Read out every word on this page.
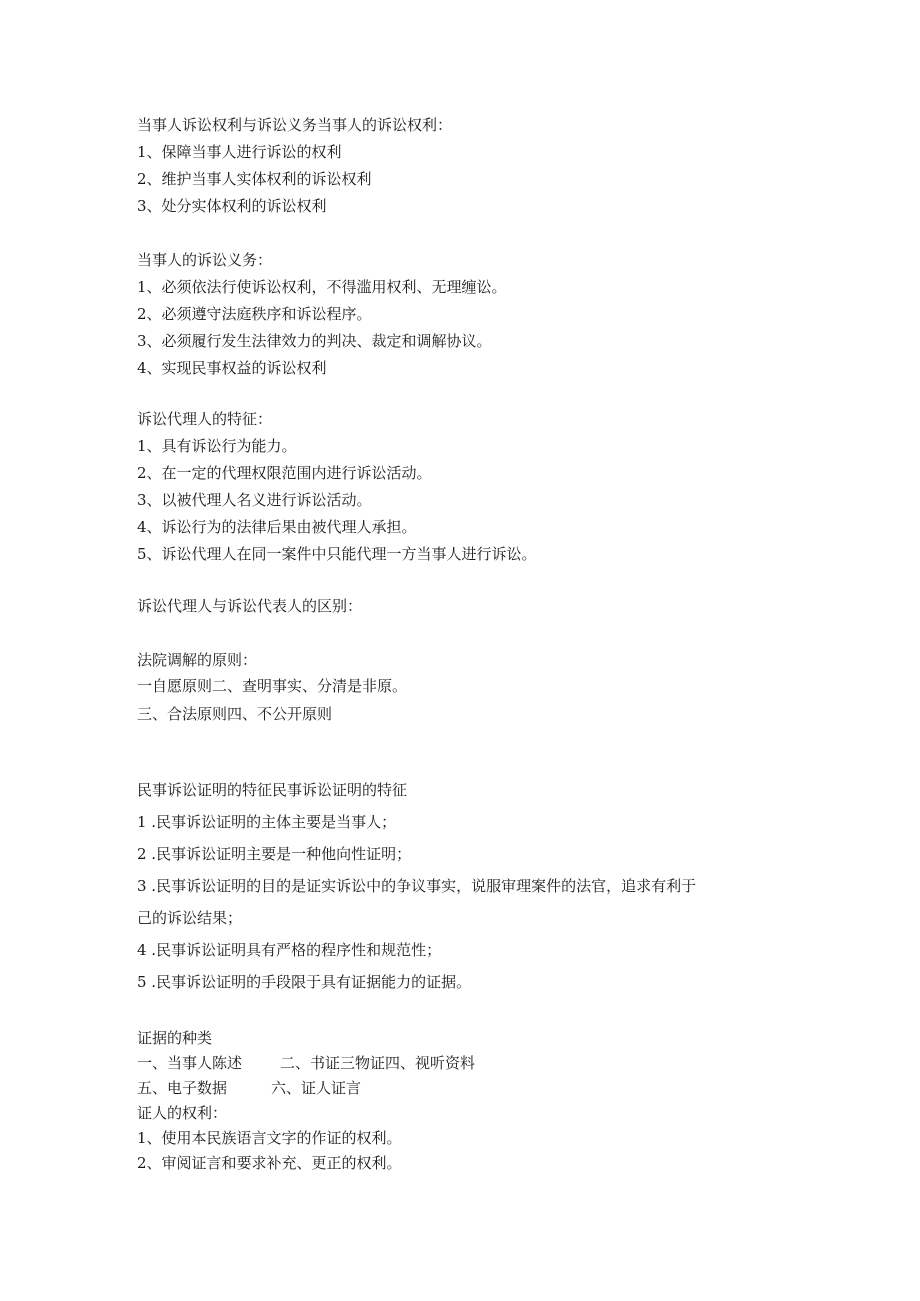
当事人诉讼权利与诉讼义务当事人的诉讼权利：
1、保障当事人进行诉讼的权利
2、维护当事人实体权利的诉讼权利
3、处分实体权利的诉讼权利
当事人的诉讼义务：
1、必须依法行使诉讼权利，不得滥用权利、无理缠讼。
2、必须遵守法庭秩序和诉讼程序。
3、必须履行发生法律效力的判决、裁定和调解协议。
4、实现民事权益的诉讼权利
诉讼代理人的特征：
1、具有诉讼行为能力。
2、在一定的代理权限范围内进行诉讼活动。
3、以被代理人名义进行诉讼活动。
4、诉讼行为的法律后果由被代理人承担。
5、诉讼代理人在同一案件中只能代理一方当事人进行诉讼。
诉讼代理人与诉讼代表人的区别：
法院调解的原则：
一自愿原则二、查明事实、分清是非原。
三、合法原则四、不公开原则
民事诉讼证明的特征民事诉讼证明的特征
1 .民事诉讼证明的主体主要是当事人；
2 .民事诉讼证明主要是一种他向性证明；
3 .民事诉讼证明的目的是证实诉讼中的争议事实，说服审理案件的法官，追求有利于
己的诉讼结果；
4 .民事诉讼证明具有严格的程序性和规范性；
5 .民事诉讼证明的手段限于具有证据能力的证据。
证据的种类
一、当事人陈述	二、书证三物证四、视听资料
五、电子数据	六、证人证言
证人的权利：
1、使用本民族语言文字的作证的权利。
2、审阅证言和要求补充、更正的权利。
